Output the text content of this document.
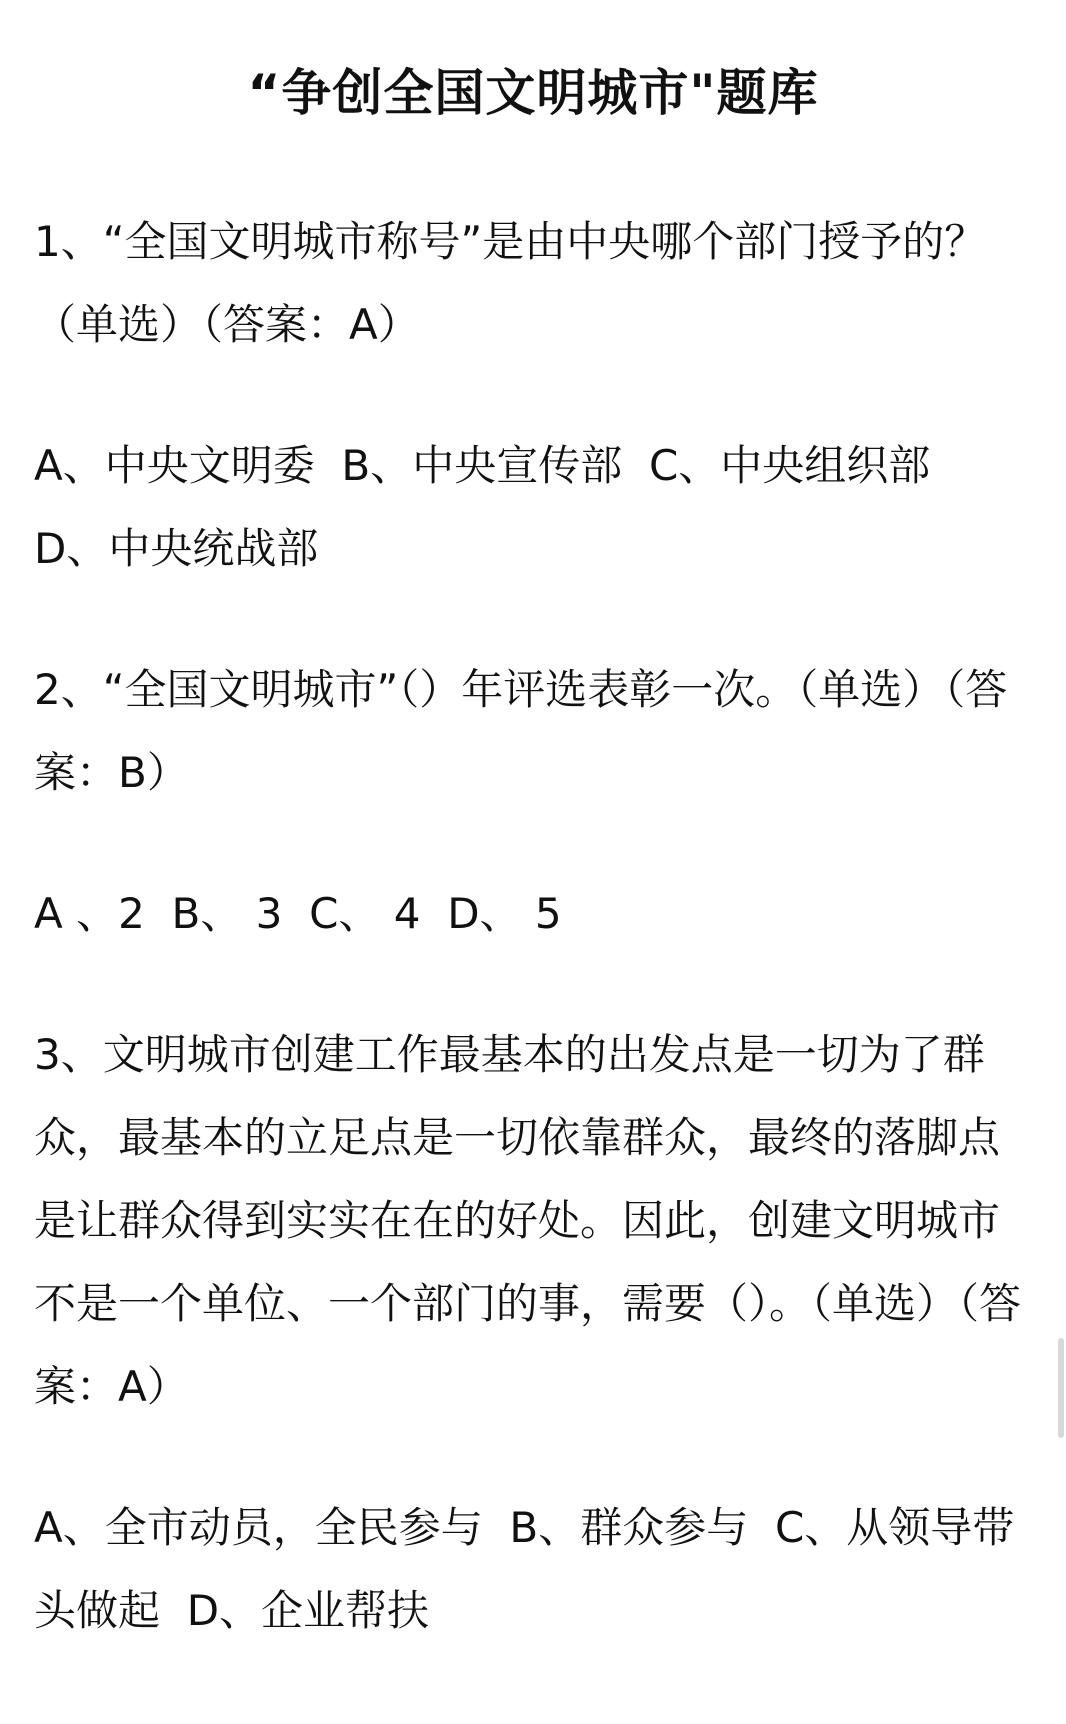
“争创全国文明城市"题库

1、“全国文明城市称号”是由中央哪个部门授予的？（单选）（答案：A）

A、中央文明委  B、中央宣传部  C、中央组织部  D、中央统战部

2、“全国文明城市”（）年评选表彰一次。（单选）（答案：B）

A 、2  B、 3  C、 4  D、 5

3、文明城市创建工作最基本的出发点是一切为了群众，最基本的立足点是一切依靠群众，最终的落脚点是让群众得到实实在在的好处。因此，创建文明城市不是一个单位、一个部门的事，需要（）。（单选）（答案：A）

A、全市动员，全民参与  B、群众参与  C、从领导带头做起  D、企业帮扶
